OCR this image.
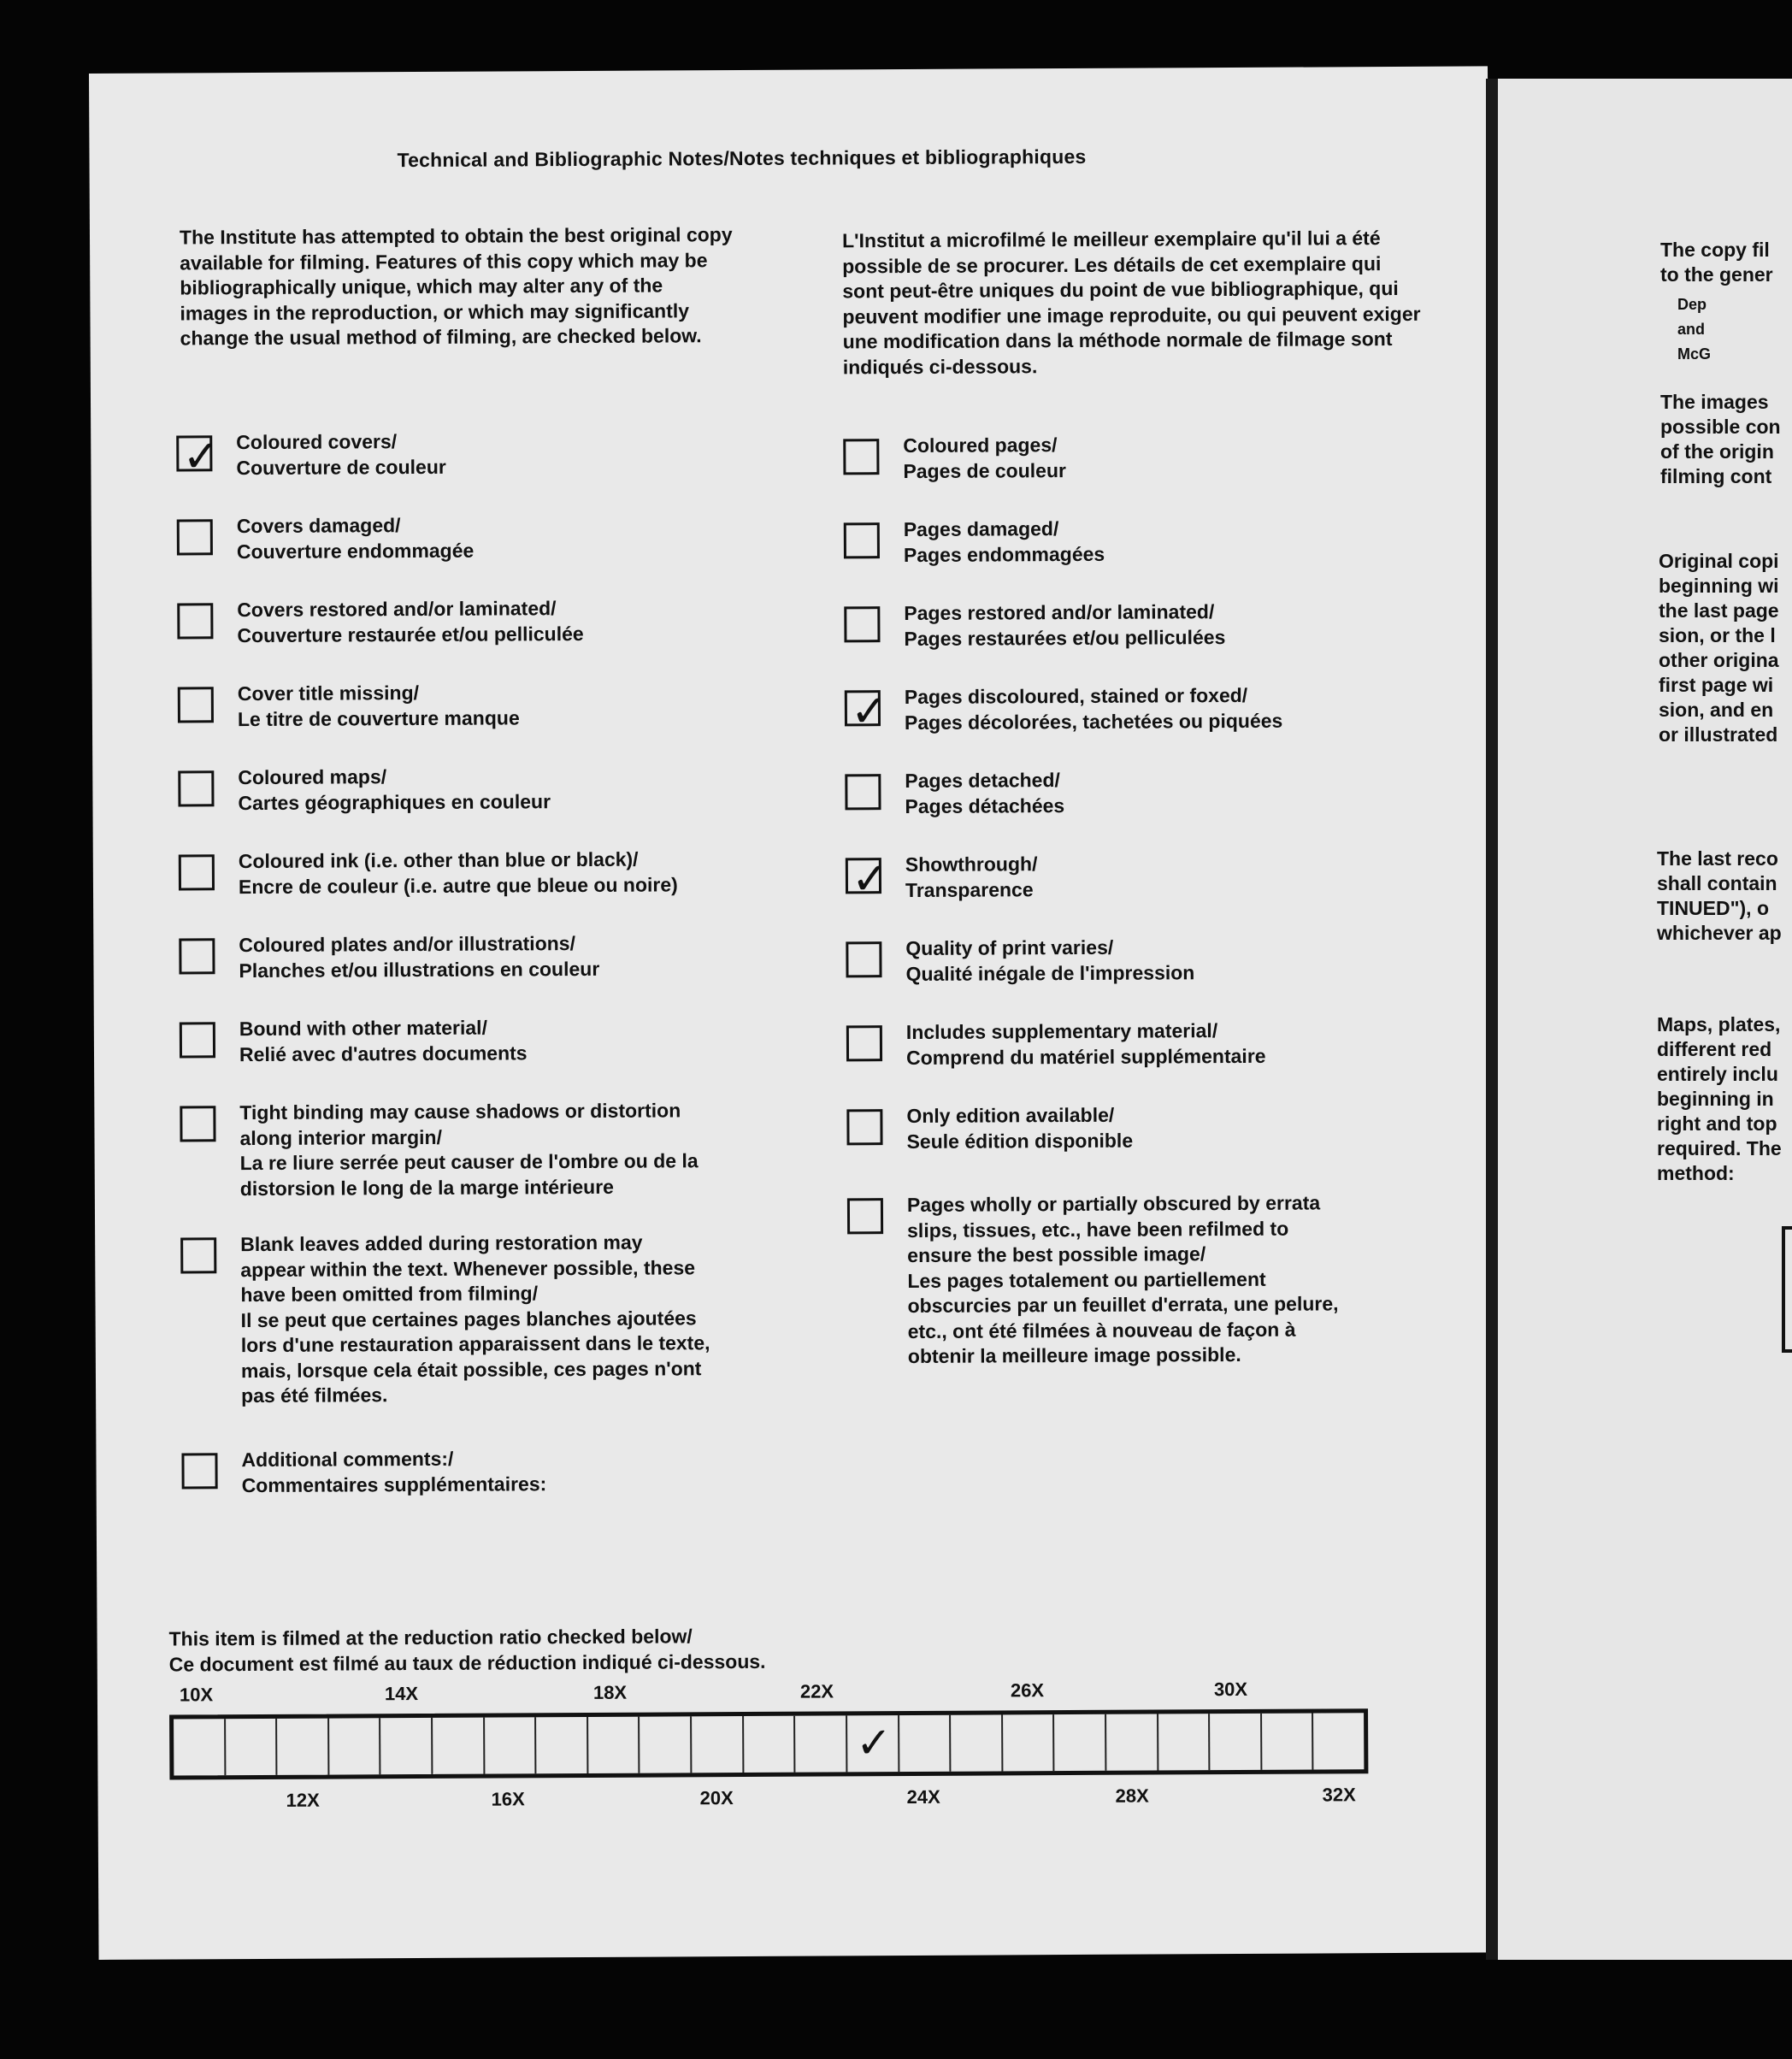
Technical and Bibliographic Notes/Notes techniques et bibliographiques

The Institute has attempted to obtain the best original copy available for filming. Features of this copy which may be bibliographically unique, which may alter any of the images in the reproduction, or which may significantly change the usual method of filming, are checked below.

L'Institut a microfilmé le meilleur exemplaire qu'il lui a été possible de se procurer. Les détails de cet exemplaire qui sont peut-être uniques du point de vue bibliographique, qui peuvent modifier une image reproduite, ou qui peuvent exiger une modification dans la méthode normale de filmage sont indiqués ci-dessous.

✓ Coloured covers/
Couverture de couleur
Covers damaged/
Couverture endommagée
Covers restored and/or laminated/
Couverture restaurée et/ou pelliculée
Cover title missing/
Le titre de couverture manque
Coloured maps/
Cartes géographiques en couleur
Coloured ink (i.e. other than blue or black)/
Encre de couleur (i.e. autre que bleue ou noire)
Coloured plates and/or illustrations/
Planches et/ou illustrations en couleur
Bound with other material/
Relié avec d'autres documents
Tight binding may cause shadows or distortion
along interior margin/
La re liure serrée peut causer de l'ombre ou de la
distorsion le long de la marge intérieure
Blank leaves added during restoration may
appear within the text. Whenever possible, these
have been omitted from filming/
Il se peut que certaines pages blanches ajoutées
lors d'une restauration apparaissent dans le texte,
mais, lorsque cela était possible, ces pages n'ont
pas été filmées.
Additional comments:/
Commentaires supplémentaires:
Coloured pages/
Pages de couleur
Pages damaged/
Pages endommagées
Pages restored and/or laminated/
Pages restaurées et/ou pelliculées
✓ Pages discoloured, stained or foxed/
Pages décolorées, tachetées ou piquées
Pages detached/
Pages détachées
✓ Showthrough/
Transparence
Quality of print varies/
Qualité inégale de l'impression
Includes supplementary material/
Comprend du matériel supplémentaire
Only edition available/
Seule édition disponible
Pages wholly or partially obscured by errata
slips, tissues, etc., have been refilmed to
ensure the best possible image/
Les pages totalement ou partiellement
obscurcies par un feuillet d'errata, une pelure,
etc., ont été filmées à nouveau de façon à
obtenir la meilleure image possible.
This item is filmed at the reduction ratio checked below/
Ce document est filmé au taux de réduction indiqué ci-dessous.
10X	14X	18X	22X	26X	30X
12X	16X	20X	24X	28X	32X
✓
The copy fil
to the gener
Dep
and
McG
The images
possible con
of the origin
filming cont
Original copi
beginning wi
the last page
sion, or the l
other origina
first page wi
sion, and en
or illustrated
The last reco
shall contain
TINUED"), o
whichever ap
Maps, plates,
different red
entirely inclu
beginning in
right and top
required. The
method:
